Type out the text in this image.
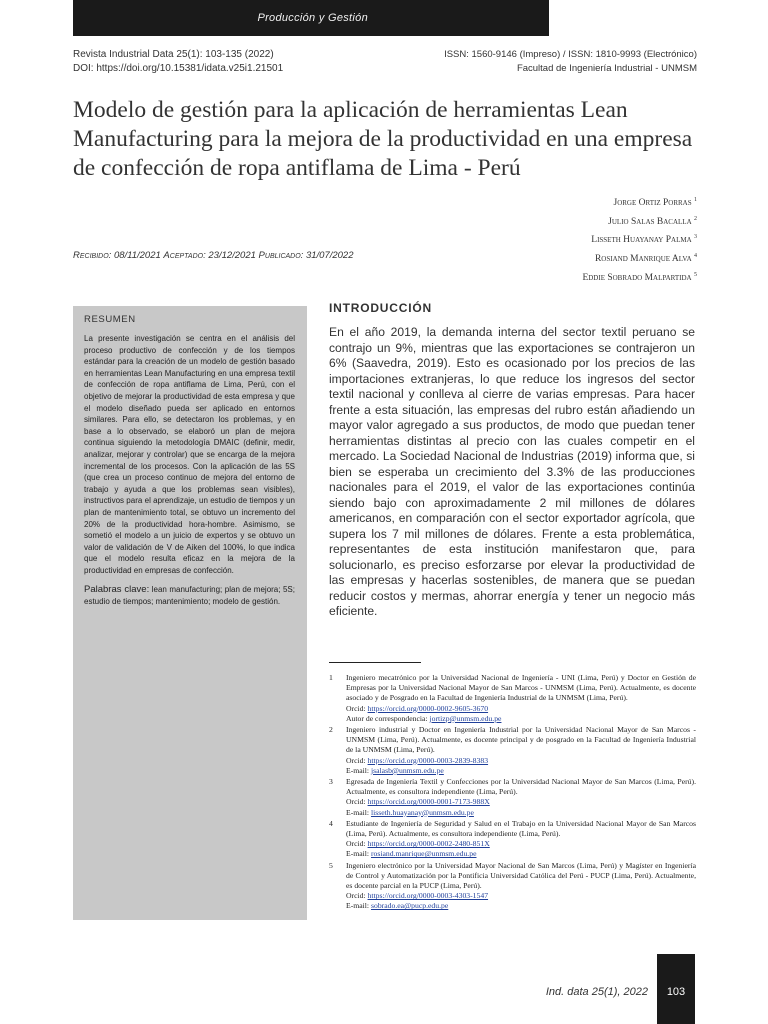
Producción y Gestión
Revista Industrial Data 25(1): 103-135 (2022)
DOI: https://doi.org/10.15381/idata.v25i1.21501
ISSN: 1560-9146 (Impreso) / ISSN: 1810-9993 (Electrónico)
Facultad de Ingeniería Industrial - UNMSM
Modelo de gestión para la aplicación de herramientas Lean Manufacturing para la mejora de la productividad en una empresa de confección de ropa antiflama de Lima - Perú
Jorge Ortiz Porras $^1$
Julio Salas Bacalla $^2$
Lisseth Huayanay Palma $^3$
Rosiand Manrique Alva $^4$
Eddie Sobrado Malpartida $^5$
Recibido: 08/11/2021 Aceptado: 23/12/2021 Publicado: 31/07/2022
RESUMEN

La presente investigación se centra en el análisis del proceso productivo de confección y de los tiempos estándar para la creación de un modelo de gestión basado en herramientas Lean Manufacturing en una empresa textil de confección de ropa antiflama de Lima, Perú, con el objetivo de mejorar la productividad de esta empresa y que el modelo diseñado pueda ser aplicado en entornos similares. Para ello, se detectaron los problemas, y en base a lo observado, se elaboró un plan de mejora continua siguiendo la metodología DMAIC (definir, medir, analizar, mejorar y controlar) que se encarga de la mejora incremental de los procesos. Con la aplicación de las 5S (que crea un proceso continuo de mejora del entorno de trabajo y ayuda a que los problemas sean visibles), instructivos para el aprendizaje, un estudio de tiempos y un plan de mantenimiento total, se obtuvo un incremento del 20% de la productividad hora-hombre. Asimismo, se sometió el modelo a un juicio de expertos y se obtuvo un valor de validación de V de Aiken del 100%, lo que indica que el modelo resulta eficaz en la mejora de la productividad en empresas de confección.

Palabras clave: lean manufacturing; plan de mejora; 5S; estudio de tiempos; mantenimiento; modelo de gestión.
INTRODUCCIÓN

En el año 2019, la demanda interna del sector textil peruano se contrajo un 9%, mientras que las exportaciones se contrajeron un 6% (Saavedra, 2019). Esto es ocasionado por los precios de las importaciones extranjeras, lo que reduce los ingresos del sector textil nacional y conlleva al cierre de varias empresas. Para hacer frente a esta situación, las empresas del rubro están añadiendo un mayor valor agregado a sus productos, de modo que puedan tener herramientas distintas al precio con las cuales competir en el mercado. La Sociedad Nacional de Industrias (2019) informa que, si bien se esperaba un crecimiento del 3.3% de las producciones nacionales para el 2019, el valor de las exportaciones continúa siendo bajo con aproximadamente 2 mil millones de dólares americanos, en comparación con el sector exportador agrícola, que supera los 7 mil millones de dólares. Frente a esta problemática, representantes de esta institución manifestaron que, para solucionarlo, es preciso esforzarse por elevar la productividad de las empresas y hacerlas sostenibles, de manera que se puedan reducir costos y mermas, ahorrar energía y tener un negocio más eficiente.

1	Ingeniero mecatrónico por la Universidad Nacional de Ingeniería - UNI (Lima, Perú) y Doctor en Gestión de Empresas por la Universidad Nacional Mayor de San Marcos - UNMSM (Lima, Perú). Actualmente, es docente asociado y de Posgrado en la Facultad de Ingeniería Industrial de la UNMSM (Lima, Perú).
Orcid: https://orcid.org/0000-0002-9605-3670
Autor de correspondencia: jortizp@unmsm.edu.pe
2	Ingeniero industrial y Doctor en Ingeniería Industrial por la Universidad Nacional Mayor de San Marcos - UNMSM (Lima, Perú). Actualmente, es docente principal y de posgrado en la Facultad de Ingeniería Industrial de la UNMSM (Lima, Perú).
Orcid: https://orcid.org/0000-0003-2839-8383
E-mail: jsalasb@unmsm.edu.pe
3	Egresada de Ingeniería Textil y Confecciones por la Universidad Nacional Mayor de San Marcos (Lima, Perú). Actualmente, es consultora independiente (Lima, Perú).
Orcid: https://orcid.org/0000-0001-7173-988X
E-mail: lisseth.huayanay@unmsm.edu.pe
4	Estudiante de Ingeniería de Seguridad y Salud en el Trabajo en la Universidad Nacional Mayor de San Marcos (Lima, Perú). Actualmente, es consultora independiente (Lima, Perú).
Orcid: https://orcid.org/0000-0002-2480-851X
E-mail: rosiand.manrique@unmsm.edu.pe
5	Ingeniero electrónico por la Universidad Mayor Nacional de San Marcos (Lima, Perú) y Magíster en Ingeniería de Control y Automatización por la Pontificia Universidad Católica del Perú - PUCP (Lima, Perú). Actualmente, es docente parcial en la PUCP (Lima, Perú).
Orcid: https://orcid.org/0000-0003-4303-1547
E-mail: sobrado.ea@pucp.edu.pe
Ind. data 25(1), 2022	103
